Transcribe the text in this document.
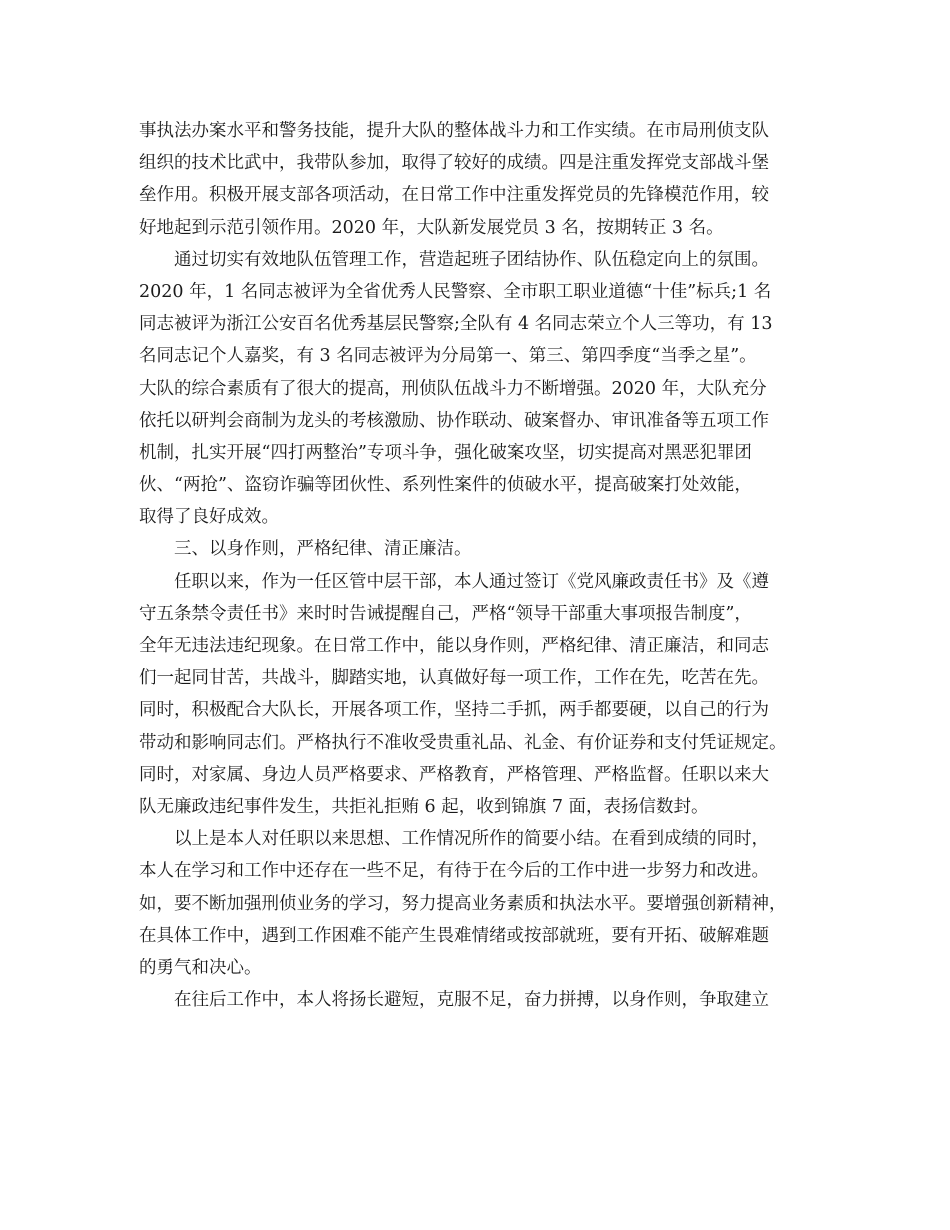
事执法办案水平和警务技能，提升大队的整体战斗力和工作实绩。在市局刑侦支队
组织的技术比武中，我带队参加，取得了较好的成绩。四是注重发挥党支部战斗堡
垒作用。积极开展支部各项活动，在日常工作中注重发挥党员的先锋模范作用，较
好地起到示范引领作用。2020 年，大队新发展党员 3 名，按期转正 3 名。
通过切实有效地队伍管理工作，营造起班子团结协作、队伍稳定向上的氛围。
2020 年，1 名同志被评为全省优秀人民警察、全市职工职业道德“十佳”标兵;1 名
同志被评为浙江公安百名优秀基层民警察;全队有 4 名同志荣立个人三等功，有 13
名同志记个人嘉奖，有 3 名同志被评为分局第一、第三、第四季度“当季之星”。
大队的综合素质有了很大的提高，刑侦队伍战斗力不断增强。2020 年，大队充分
依托以研判会商制为龙头的考核激励、协作联动、破案督办、审讯准备等五项工作
机制，扎实开展“四打两整治”专项斗争，强化破案攻坚，切实提高对黑恶犯罪团
伙、“两抢”、盗窃诈骗等团伙性、系列性案件的侦破水平，提高破案打处效能，
取得了良好成效。
三、以身作则，严格纪律、清正廉洁。
任职以来，作为一任区管中层干部，本人通过签订《党风廉政责任书》及《遵
守五条禁令责任书》来时时告诫提醒自己，严格“领导干部重大事项报告制度”，
全年无违法违纪现象。在日常工作中，能以身作则，严格纪律、清正廉洁，和同志
们一起同甘苦，共战斗，脚踏实地，认真做好每一项工作，工作在先，吃苦在先。
同时，积极配合大队长，开展各项工作，坚持二手抓，两手都要硬，以自己的行为
带动和影响同志们。严格执行不准收受贵重礼品、礼金、有价证券和支付凭证规定。
同时，对家属、身边人员严格要求、严格教育，严格管理、严格监督。任职以来大
队无廉政违纪事件发生，共拒礼拒贿 6 起，收到锦旗 7 面，表扬信数封。
以上是本人对任职以来思想、工作情况所作的简要小结。在看到成绩的同时，
本人在学习和工作中还存在一些不足，有待于在今后的工作中进一步努力和改进。
如，要不断加强刑侦业务的学习，努力提高业务素质和执法水平。要增强创新精神，
在具体工作中，遇到工作困难不能产生畏难情绪或按部就班，要有开拓、破解难题
的勇气和决心。
在往后工作中，本人将扬长避短，克服不足，奋力拼搏，以身作则，争取建立
